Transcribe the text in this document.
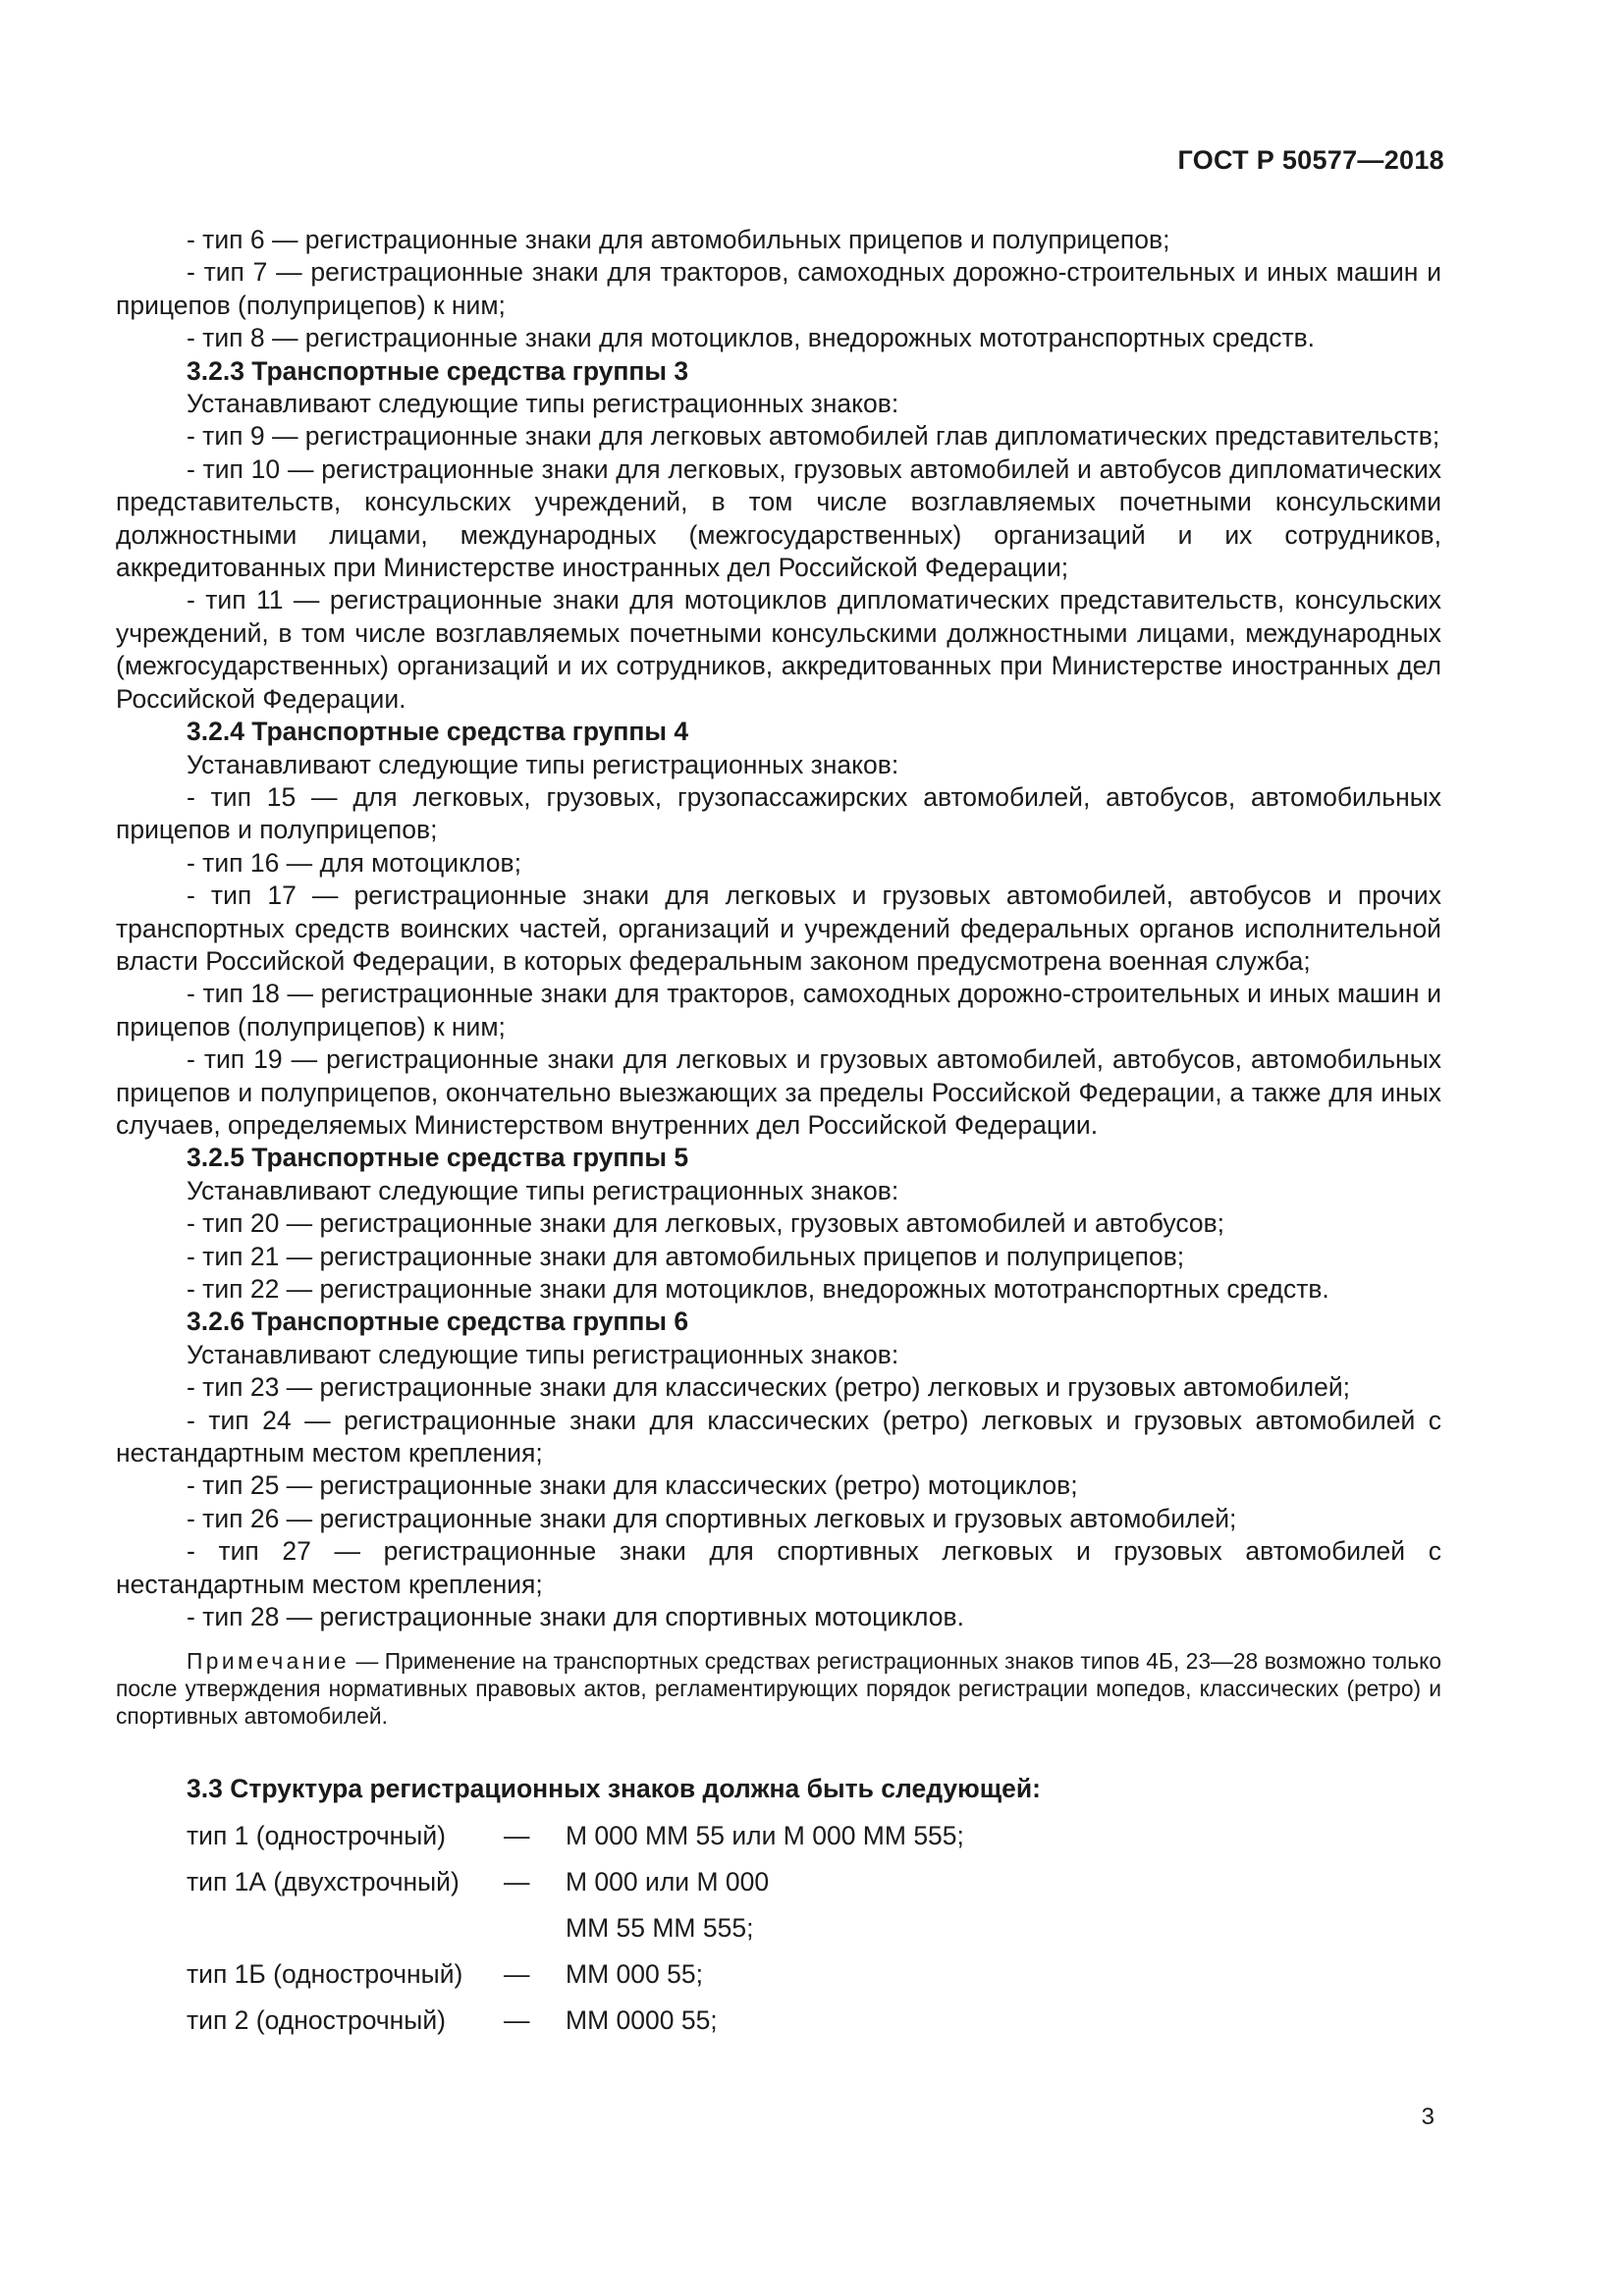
ГОСТ Р 50577—2018

- тип 6 — регистрационные знаки для автомобильных прицепов и полуприцепов;

- тип 7 — регистрационные знаки для тракторов, самоходных дорожно-строительных и иных машин и прицепов (полуприцепов) к ним;

- тип 8 — регистрационные знаки для мотоциклов, внедорожных мототранспортных средств.

3.2.3 Транспортные средства группы 3

Устанавливают следующие типы регистрационных знаков:

- тип 9 — регистрационные знаки для легковых автомобилей глав дипломатических представительств;

- тип 10 — регистрационные знаки для легковых, грузовых автомобилей и автобусов дипломатических представительств, консульских учреждений, в том числе возглавляемых почетными консульскими должностными лицами, международных (межгосударственных) организаций и их сотрудников, аккредитованных при Министерстве иностранных дел Российской Федерации;

- тип 11 — регистрационные знаки для мотоциклов дипломатических представительств, консульских учреждений, в том числе возглавляемых почетными консульскими должностными лицами, международных (межгосударственных) организаций и их сотрудников, аккредитованных при Министерстве иностранных дел Российской Федерации.

3.2.4 Транспортные средства группы 4

Устанавливают следующие типы регистрационных знаков:

- тип 15 — для легковых, грузовых, грузопассажирских автомобилей, автобусов, автомобильных прицепов и полуприцепов;

- тип 16 — для мотоциклов;

- тип 17 — регистрационные знаки для легковых и грузовых автомобилей, автобусов и прочих транспортных средств воинских частей, организаций и учреждений федеральных органов исполнительной власти Российской Федерации, в которых федеральным законом предусмотрена военная служба;

- тип 18 — регистрационные знаки для тракторов, самоходных дорожно-строительных и иных машин и прицепов (полуприцепов) к ним;

- тип 19 — регистрационные знаки для легковых и грузовых автомобилей, автобусов, автомобильных прицепов и полуприцепов, окончательно выезжающих за пределы Российской Федерации, а также для иных случаев, определяемых Министерством внутренних дел Российской Федерации.

3.2.5 Транспортные средства группы 5

Устанавливают следующие типы регистрационных знаков:

- тип 20 — регистрационные знаки для легковых, грузовых автомобилей и автобусов;

- тип 21 — регистрационные знаки для автомобильных прицепов и полуприцепов;

- тип 22 — регистрационные знаки для мотоциклов, внедорожных мототранспортных средств.

3.2.6 Транспортные средства группы 6

Устанавливают следующие типы регистрационных знаков:

- тип 23 — регистрационные знаки для классических (ретро) легковых и грузовых автомобилей;

- тип 24 — регистрационные знаки для классических (ретро) легковых и грузовых автомобилей с нестандартным местом крепления;

- тип 25 — регистрационные знаки для классических (ретро) мотоциклов;

- тип 26 — регистрационные знаки для спортивных легковых и грузовых автомобилей;

- тип 27 — регистрационные знаки для спортивных легковых и грузовых автомобилей с нестандартным местом крепления;

- тип 28 — регистрационные знаки для спортивных мотоциклов.

Примечание — Применение на транспортных средствах регистрационных знаков типов 4Б, 23—28 возможно только после утверждения нормативных правовых актов, регламентирующих порядок регистрации мопедов, классических (ретро) и спортивных автомобилей.

3.3 Структура регистрационных знаков должна быть следующей:

тип 1 (однострочный)	—	М 000 ММ 55 или М 000 ММ 555;
тип 1А (двухстрочный)	—	М 000 или М 000
ММ 55 ММ 555;
тип 1Б (однострочный)	—	ММ 000 55;
тип 2 (однострочный)	—	ММ 0000 55;
3
